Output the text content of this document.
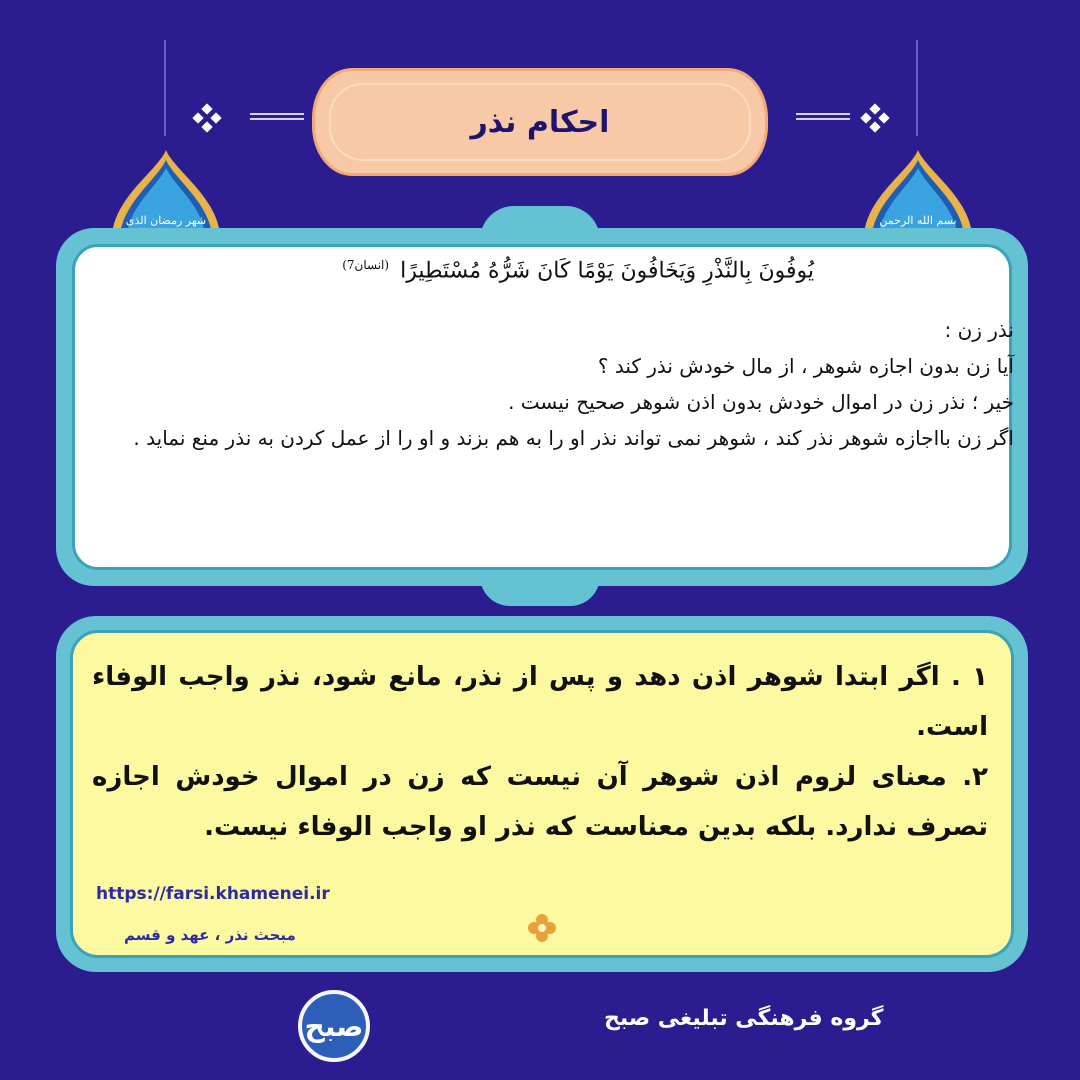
احکام نذر
شهر رمضان الذی	بسم الله الرحمن
یُوفُونَ بِالنَّذْرِ وَیَخَافُونَ یَوْمًا کَانَ شَرُّهُ مُسْتَطِیرًا $^{(انسان7)}$

نذر زن :

آیا زن بدون اجازه شوهر ، از مال خودش نذر کند ؟

خیر ؛ نذر زن در اموال خودش بدون اذن شوهر صحیح نیست .

اگر زن بااجازه شوهر نذر کند ، شوهر نمی تواند نذر او را به هم بزند و او را از عمل کردن به نذر منع نماید .

۱ . اگر ابتدا شوهر اذن دهد و پس از نذر، مانع شود، نذر واجب الوفاء است.

۲. معنای لزوم اذن شوهر آن نیست که زن در اموال خودش اجازه تصرف ندارد. بلکه بدین معناست که نذر او واجب الوفاء نیست.

https://farsi.khamenei.ir
مبحث نذر ، عهد و قسم
صبح	گروه فرهنگی تبلیغی صبح
